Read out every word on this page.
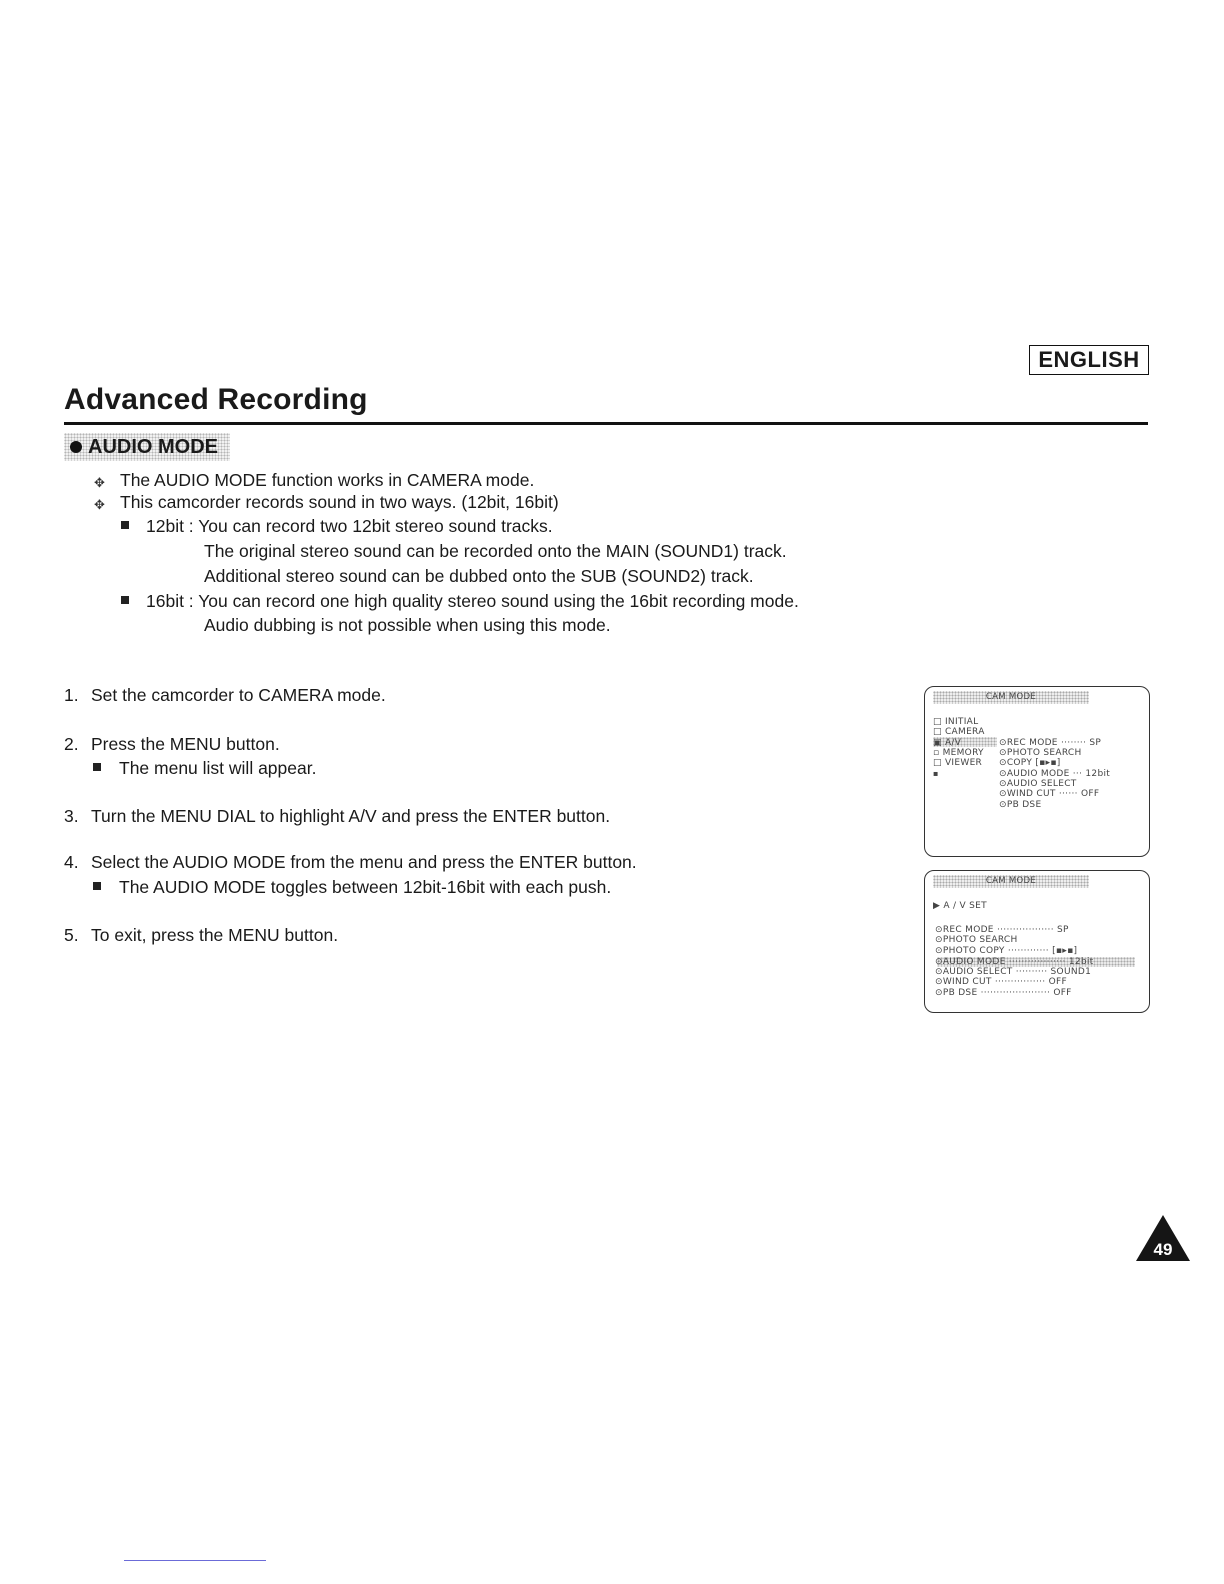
ENGLISH
Advanced Recording
AUDIO MODE
✥ The AUDIO MODE function works in CAMERA mode.
✥ This camcorder records sound in two ways. (12bit, 16bit)
12bit : You can record two 12bit stereo sound tracks.
The original stereo sound can be recorded onto the MAIN (SOUND1) track.
Additional stereo sound can be dubbed onto the SUB (SOUND2) track.
16bit : You can record one high quality stereo sound using the 16bit recording mode.
Audio dubbing is not possible when using this mode.
1. Set the camcorder to CAMERA mode.
2. Press the MENU button.
The menu list will appear.
3. Turn the MENU DIAL to highlight A/V and press the ENTER button.
4. Select the AUDIO MODE from the menu and press the ENTER button.
The AUDIO MODE toggles between 12bit-16bit with each push.
5. To exit, press the MENU button.
CAM MODE
□ INITIAL
□ CAMERA
▣ A/V
▫ MEMORY
□ VIEWER
▪
⊙REC MODE ········ SP
⊙PHOTO SEARCH
⊙COPY [▪▸▪]
⊙AUDIO MODE ··· 12bit
⊙AUDIO SELECT
⊙WIND CUT ······ OFF
⊙PB DSE
CAM MODE
▶ A / V SET
⊙REC MODE ·················· SP
⊙PHOTO SEARCH
⊙PHOTO COPY ············· [▪▸▪]
⊙AUDIO MODE ·················· 12bit
⊙AUDIO SELECT ·········· SOUND1
⊙WIND CUT ················ OFF
⊙PB DSE ······················ OFF
49
